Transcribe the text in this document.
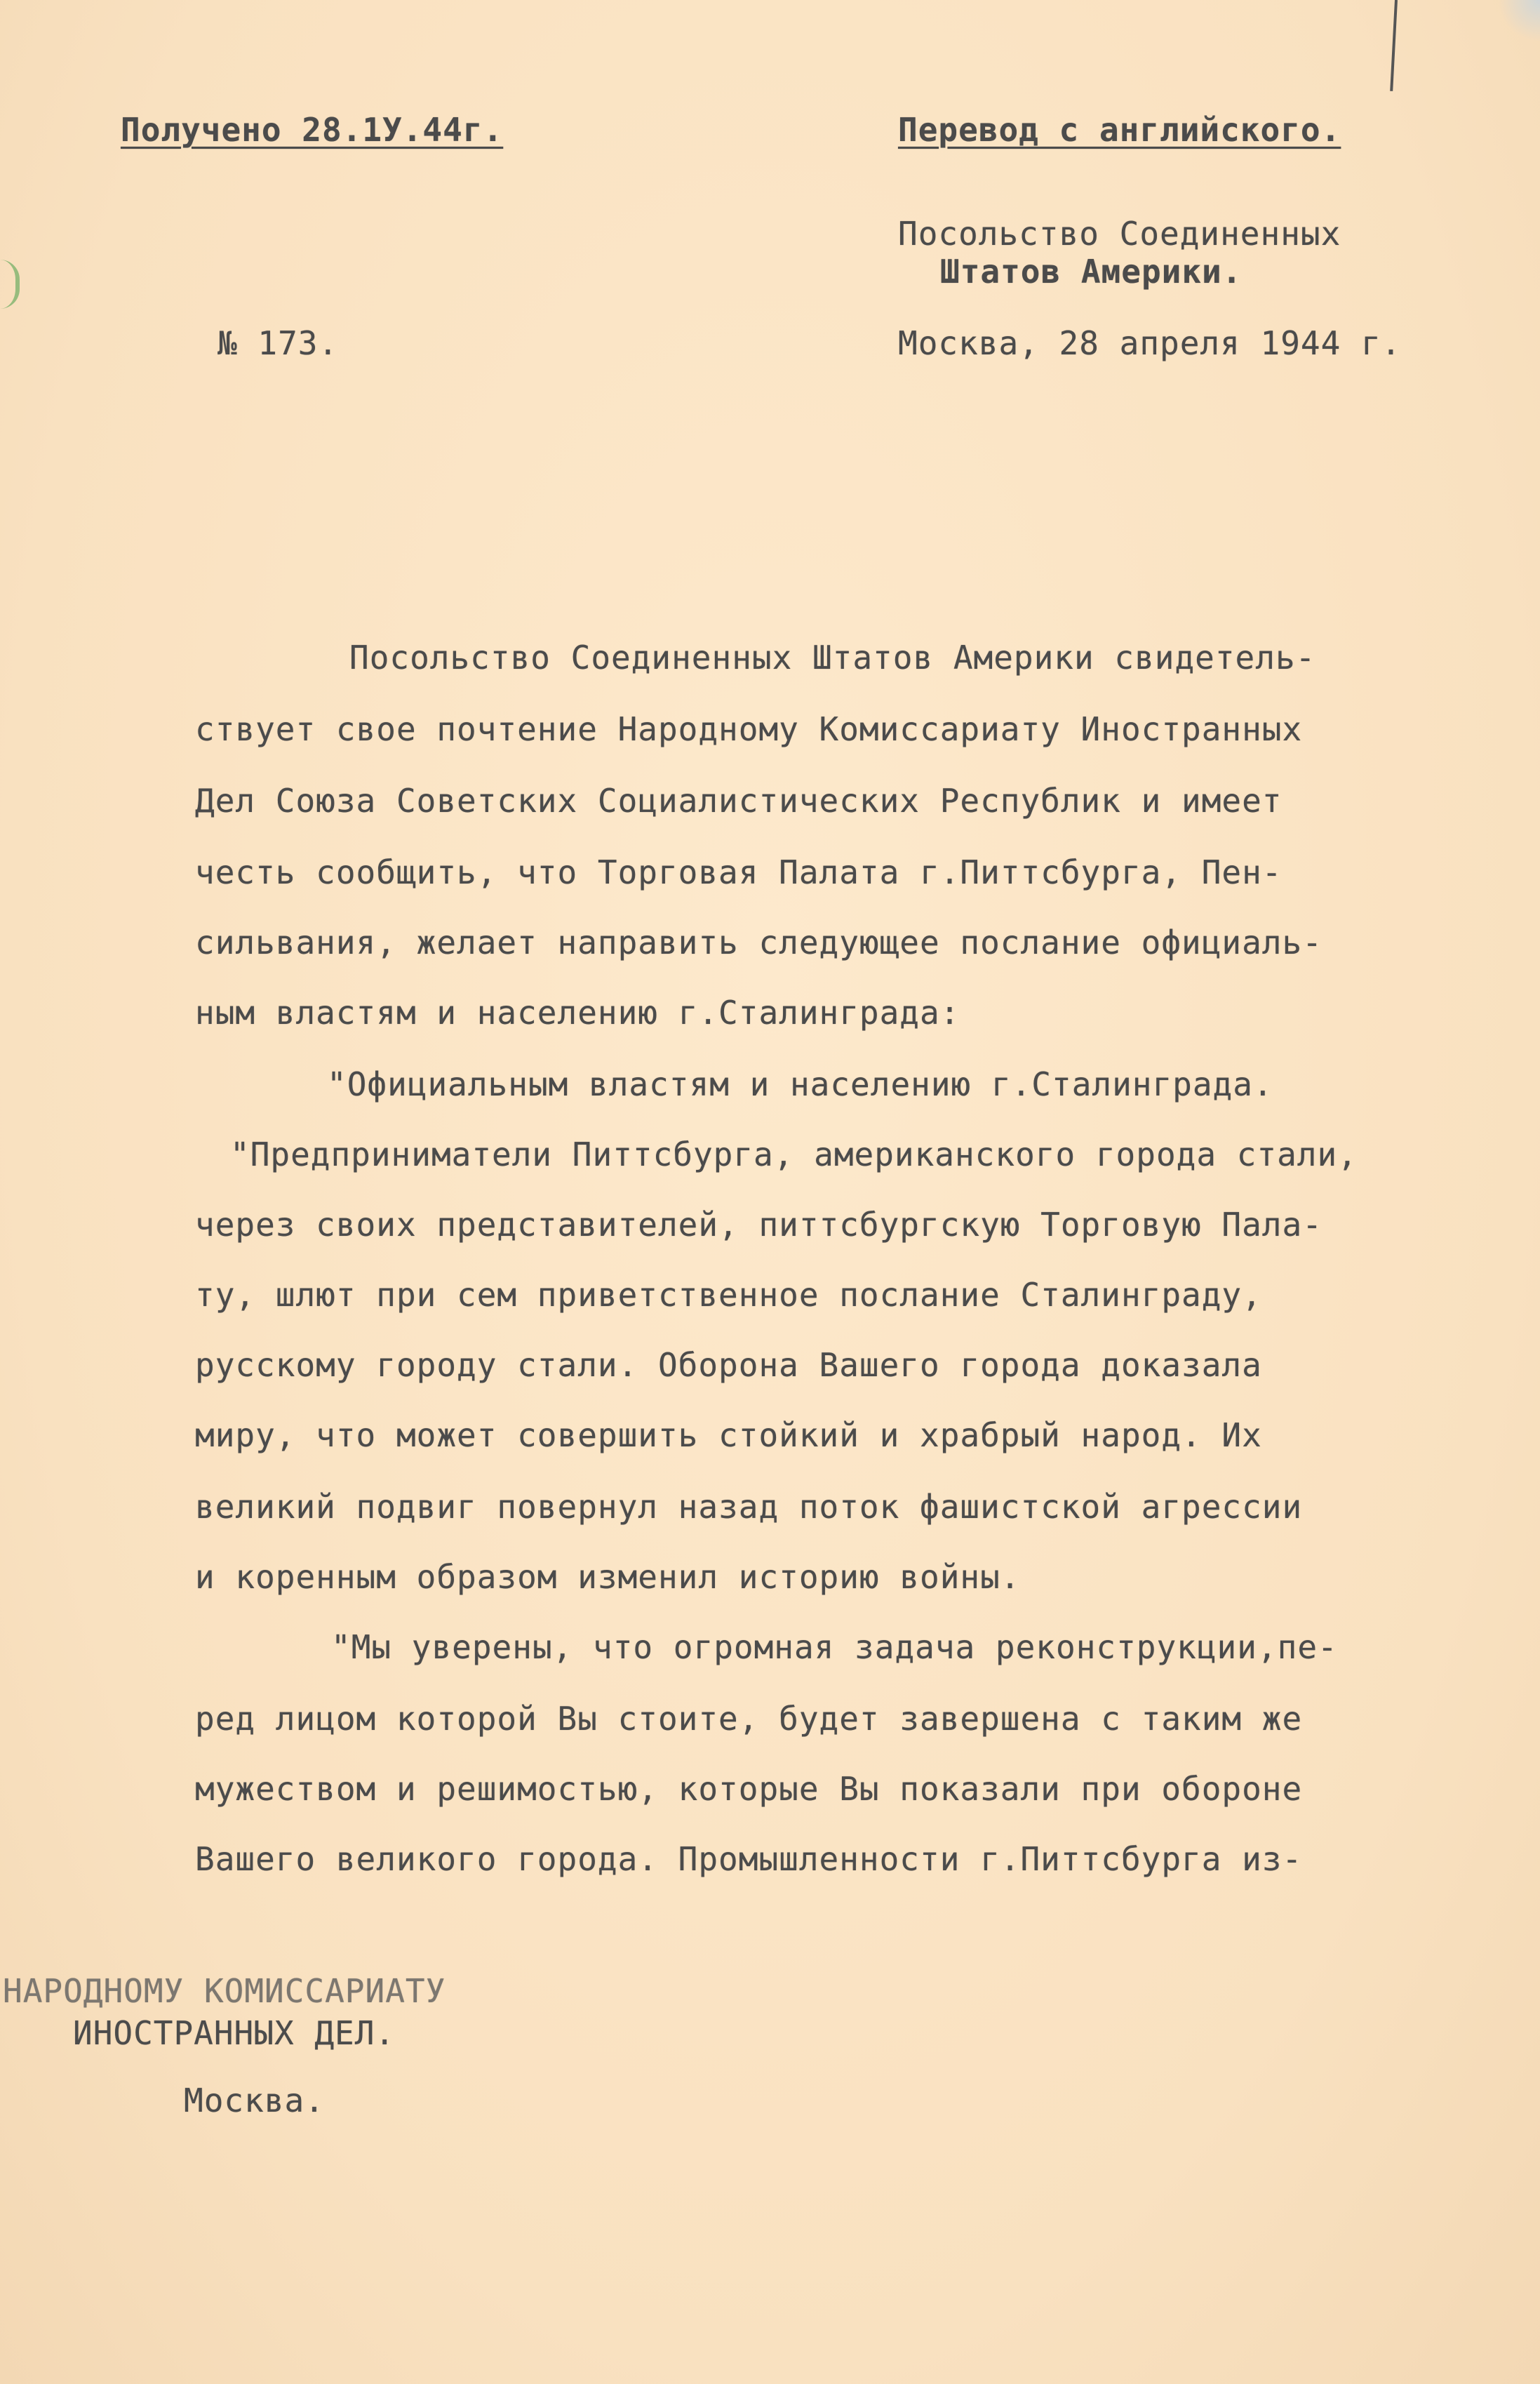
Получено 28.1У.44г.	Перевод с английского.
Посольство Соединенных
Штатов Америки.
№ 173.	Москва, 28 апреля 1944 г.
Посольство Соединенных Штатов Америки свидетель-
ствует свое почтение Народному Комиссариату Иностранных
Дел Союза Советских Социалистических Республик и имеет
честь сообщить, что Торговая Палата г.Питтсбурга, Пен-
сильвания, желает направить следующее послание официаль-
ным властям и населению г.Сталинграда:
"Официальным властям и населению г.Сталинграда.
"Предприниматели Питтсбурга, американского города стали,
через своих представителей, питтсбургскую Торговую Пала-
ту, шлют при сем приветственное послание Сталинграду,
русскому городу стали. Оборона Вашего города доказала
миру, что может совершить стойкий и храбрый народ. Их
великий подвиг повернул назад поток фашистской агрессии
и коренным образом изменил историю войны.
"Мы уверены, что огромная задача реконструкции,пе-
ред лицом которой Вы стоите, будет завершена с таким же
мужеством и решимостью, которые Вы показали при обороне
Вашего великого города. Промышленности г.Питтсбурга из-
НАРОДНОМУ КОМИССАРИАТУ
ИНОСТРАННЫХ ДЕЛ.
Москва.
